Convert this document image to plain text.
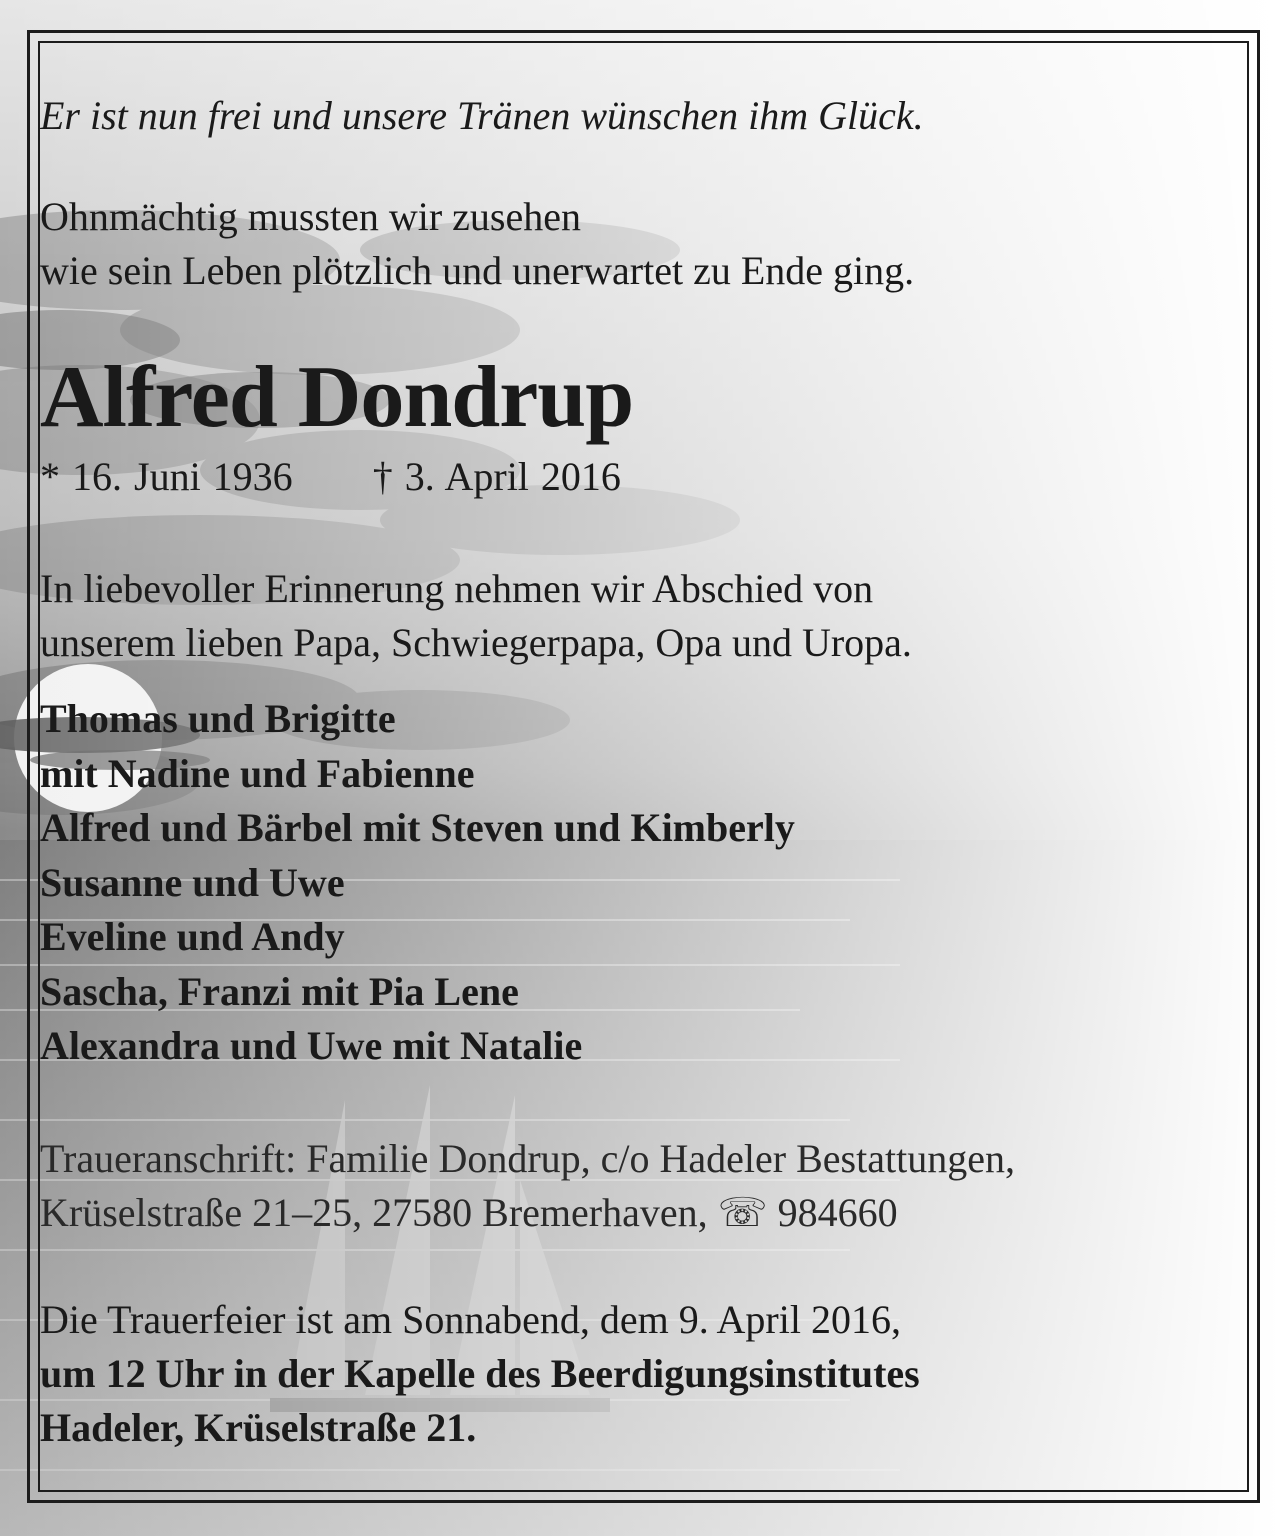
Er ist nun frei und unsere Tränen wünschen ihm Glück.
Ohnmächtig mussten wir zusehen
wie sein Leben plötzlich und unerwartet zu Ende ging.
Alfred Dondrup
* 16. Juni 1936 † 3. April 2016
In liebevoller Erinnerung nehmen wir Abschied von
unserem lieben Papa, Schwiegerpapa, Opa und Uropa.
Thomas und Brigitte
mit Nadine und Fabienne
Alfred und Bärbel mit Steven und Kimberly
Susanne und Uwe
Eveline und Andy
Sascha, Franzi mit Pia Lene
Alexandra und Uwe mit Natalie
Traueranschrift: Familie Dondrup, c/o Hadeler Bestattungen,
Krüselstraße 21–25, 27580 Bremerhaven, ☏ 984660
Die Trauerfeier ist am Sonnabend, dem 9. April 2016,
um 12 Uhr in der Kapelle des Beerdigungsinstitutes
Hadeler, Krüselstraße 21.
